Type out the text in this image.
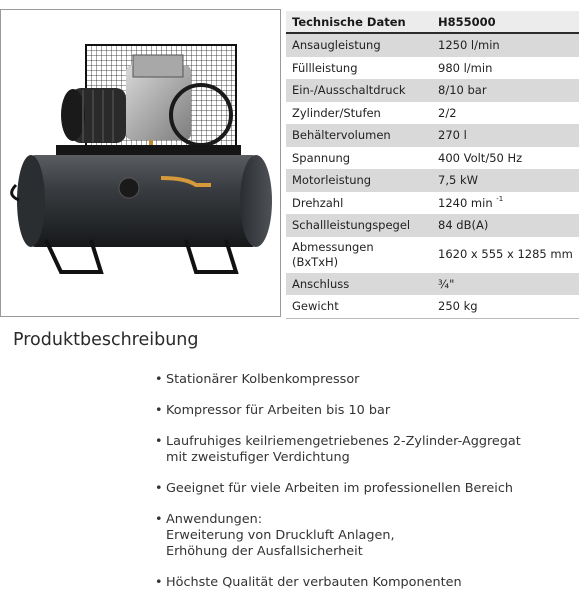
Technische Daten	H855000
Ansaugleistung	1250 l/min
Füllleistung	980 l/min
Ein-/Ausschaltdruck	8/10 bar
Zylinder/Stufen	2/2
Behältervolumen	270 l
Spannung	400 Volt/50 Hz
Motorleistung	7,5 kW
Drehzahl	1240 min $^{-1}$
Schallleistungspegel	84 dB(A)
Abmessungen
(BxTxH)	1620 x 555 x 1285 mm
Anschluss	¾"
Gewicht	250 kg
Produktbeschreibung
• Stationärer Kolbenkompressor
• Kompressor für Arbeiten bis 10 bar
• Laufruhiges keilriemengetriebenes 2-Zylinder-Aggregat
mit zweistufiger Verdichtung
• Geeignet für viele Arbeiten im professionellen Bereich
• Anwendungen:
Erweiterung von Druckluft Anlagen,
Erhöhung der Ausfallsicherheit
• Höchste Qualität der verbauten Komponenten
